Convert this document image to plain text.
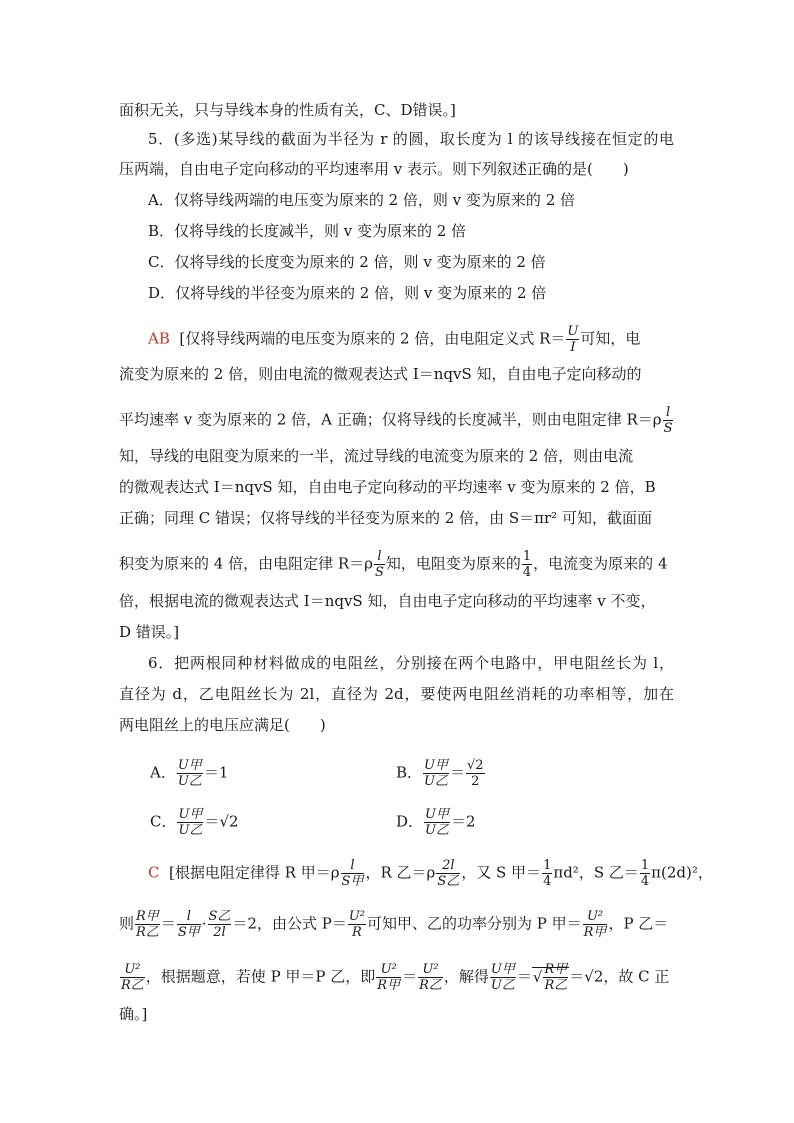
面积无关，只与导线本身的性质有关，C、D错误。]
5．(多选)某导线的截面为半径为 r 的圆，取长度为 l 的该导线接在恒定的电
压两端，自由电子定向移动的平均速率用 v 表示。则下列叙述正确的是(　　)
A．仅将导线两端的电压变为原来的 2 倍，则 v 变为原来的 2 倍
B．仅将导线的长度减半，则 v 变为原来的 2 倍
C．仅将导线的长度变为原来的 2 倍，则 v 变为原来的 2 倍
D．仅将导线的半径变为原来的 2 倍，则 v 变为原来的 2 倍
AB [仅将导线两端的电压变为原来的 2 倍，由电阻定义式 $R= \frac{U}{I}$ 可知，电
流变为原来的 2 倍，则由电流的微观表达式 I＝nqvS 知，自由电子定向移动的
平均速率 v 变为原来的 2 倍，A 正确；仅将导线的长度减半，则由电阻定律 $R=\rho \frac{l}{S}$
知，导线的电阻变为原来的一半，流过导线的电流变为原来的 2 倍，则由电流
的微观表达式 I＝nqvS 知，自由电子定向移动的平均速率 v 变为原来的 2 倍，B
正确；同理 C 错误；仅将导线的半径变为原来的 2 倍，由 S＝πr² 可知，截面面
积变为原来的 4 倍，由电阻定律 $R=\rho \frac{l}{S}$ 知，电阻变为原来的 $\frac{1}{4}$ ，电流变为原来的 4
倍，根据电流的微观表达式 I＝nqvS 知，自由电子定向移动的平均速率 v 不变，
D 错误。]
6．把两根同种材料做成的电阻丝，分别接在两个电路中，甲电阻丝长为 l，
直径为 d，乙电阻丝长为 2l，直径为 2d，要使两电阻丝消耗的功率相等，加在
两电阻丝上的电压应满足(　　)
A． U甲
U乙 ＝1	B． U甲
U乙 ＝ $\frac{√2}{2}$
C． U甲
U乙 ＝√2	D． U甲
U乙 ＝2
C [根据电阻定律得 R 甲＝ρ l
S甲 ，R 乙＝ρ 2l
S乙 ，又 S 甲＝ $\frac{1}{4} \pi d^2$，S 乙＝ $\frac{1}{4} \pi(2d)^2$，
则 R甲
R乙 ＝ l
S甲 · S乙
2l ＝2，由公式 $P= \frac{\text{U²}}{R}$ 可知甲、乙的功率分别为 P 甲＝ U²
R甲 ，P 乙＝
U²
R乙 ，根据题意，若使 P 甲＝P 乙，即 U²
R甲 ＝ U²
R乙 ，解得 U甲
U乙 ＝√ R甲
R乙 ＝√2，故 C 正
确。]
